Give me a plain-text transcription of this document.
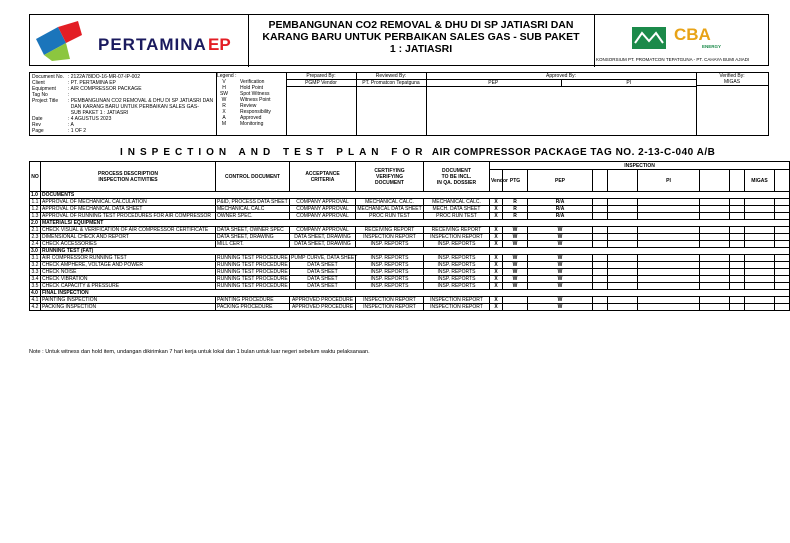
PERTAMINA EP
PEMBANGUNAN CO2 REMOVAL & DHU DI SP JATIASRI DAN
KARANG BARU UNTUK PERBAIKAN SALES GAS - SUB PAKET
1 : JATIASRI
CBA
ENERGY
KONSORSIUM PT. PROMATCON TEPATGUNA - PT. CAHAYA BUMI AJIADI
Document No. : 2122A78IDO-16-MR-07-IP-002
Client	: PT. PERTAMINA EP
Equipment	: AIR COMPRESSOR PACKAGE
Tag No	:
Project Title	: PEMBANGUNAN CO2 REMOVAL & DHU DI SP JATIASRI DAN
DAN KARANG BARU UNTUK PERBAIKAN SALES GAS-
SUB PAKET 1 : JATIASRI
Date	: 4 AGUSTUS 2023
Rev	: A
Page	: 1 OF 2
Legend :
V	Verification
H	Hold Point
SW	Spot Witness
W	Witness Point
R	Review
X	Responsibility
A	Approved
M	Monitoring
Prepared By:
PGMP Vendor
Reviewed By:
PT. Promatcon Tepatguna
Approved By:
PEP	PI
Verified By:
MIGAS
INSPECTION AND TEST PLAN FOR AIR COMPRESSOR PACKAGE TAG NO. 2-13-C-040 A/B
NO	PROCESS DESCRIPTION
INSPECTION ACTIVITIES	CONTROL DOCUMENT	ACCEPTANCE
CRITERIA	CERTIFYING
VERIFYING
DOCUMENT	DOCUMENT
TO BE INCL.
IN QA. DOSSIER	INSPECTION									
						Vendor	PTG	PEP			PI			MIGAS	
1.0	DOCUMENTS														
1.1	APPROVAL OF MECHANICAL CALCULATION	P&ID, PROCESS DATA SHEET	COMPANY APPROVAL	MECHANICAL CALC.	MECHANICAL CALC.	X	R	R/A							
1.2	APPROVAL OF MECHANICAL DATA SHEET	MECHANICAL CALC	COMPANY APPROVAL	MECHANICAL DATA SHEET	MECH. DATA SHEET	X	R	R/A							
1.3	APPROVAL OF RUNNING TEST PROCEDURES FOR AIR COMPRESSOR	OWNER SPEC.	COMPANY APPROVAL	PROC RUN TEST	PROC RUN TEST	X	R	R/A							
2.0	MATERIALS/ EQUIPMENT														
2.1	CHECK VISUAL & VERIFICATION OF AIR COMPRESSOR CERTIFICATE	DATA SHEET, OWNER SPEC	COMPANY APPROVAL	RECEIVING REPORT	RECEIVING REPORT	X	W	W							
2.3	DIMENSIONAL CHECK AND REPORT	DATA SHEET, DRAWING	DATA SHEET, DRAWING	INSPECTION REPORT	INSPECTION REPORT	X	W	W							
2.4	CHECK ACCESSORIES	MILL CERT.	DATA SHEET, DRAWING	INSP. REPORTS	INSP. REPORTS	X	W	W							
3.0	RUNNING TEST (FAT)														
3.1	AIR COMPRESSOR RUNNING TEST	RUNNING TEST PROCEDURE	PUMP CURVE, DATA SHEET	INSP. REPORTS	INSP. REPORTS	X	W	W							
3.2	CHECK AMPHERE, VOLTAGE AND POWER	RUNNING TEST PROCEDURE	DATA SHEET	INSP. REPORTS	INSP. REPORTS	X	W	W							
3.3	CHECK NOISE	RUNNING TEST PROCEDURE	DATA SHEET	INSP. REPORTS	INSP. REPORTS	X	W	W							
3.4	CHECK VIBRATION	RUNNING TEST PROCEDURE	DATA SHEET	INSP. REPORTS	INSP. REPORTS	X	W	W							
3.5	CHECK CAPACITY & PRESSURE	RUNNING TEST PROCEDURE	DATA SHEET	INSP. REPORTS	INSP. REPORTS	X	W	W							
4.0	FINAL INSPECTION														
4.1	PAINTING INSPECTION	PAINTING PROCEDURE	APPROVED PROCEDURE	INSPECTION REPORT	INSPECTION REPORT	X		W							
4.2	PACKING INSPECTION	PACKING PROCEDURE	APPROVED PROCEDURE	INSPECTION REPORT	INSPECTION REPORT	X		W							
Note : Untuk witness dan hold item, undangan dikirimkan 7 hari kerja untuk lokal dan 1 bulan untuk luar negeri sebelum waktu pelaksanaan.
